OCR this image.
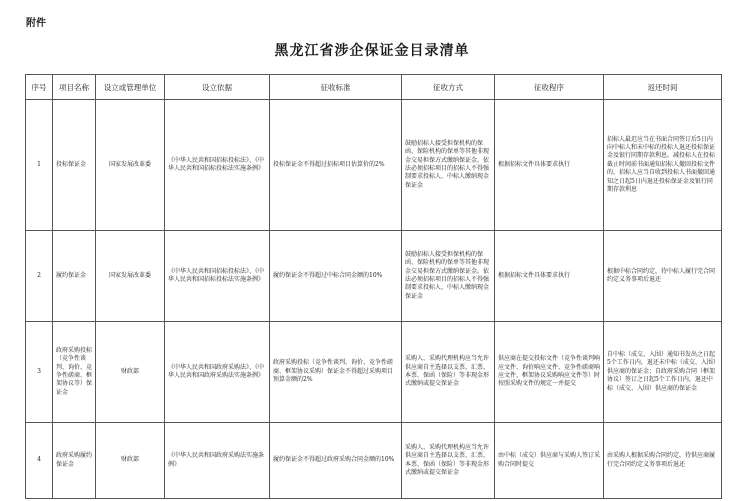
附件
黑龙江省涉企保证金目录清单
序号	项目名称	设立或管理单位	设立依据	征收标准	征收方式	征收程序	返还时间
1	投标保证金	国家发展改革委	《中华人民共和国招标投标法》、《中华人民共和国招标投标法实施条例》	投标保证金不得超过招标项目估算价的2%	鼓励招标人接受担保机构的保函、保险机构的保单等其他非现金交易担保方式缴纳保证金。依法必须招标项目的招标人不得强制要求投标人、中标人缴纳现金保证金	根据招标文件具体要求执行	招标人最迟应当在书面合同签订后5日内向中标人和未中标的投标人退还投标保证金及银行同期存款利息。减投标人在投标截止时间前书面通知招标人撤回投标文件的，招标人应当自收到投标人书面撤回通知之日起5日内退还投标保证金及银行同期存款利息
2	履约保证金	国家发展改革委	《中华人民共和国招标投标法》、《中华人民共和国招标投标法实施条例》	履约保证金不得超过中标合同金额的10%	鼓励招标人接受担保机构的保函、保险机构的保单等其他非现金交易担保方式缴纳保证金。依法必须招标项目的招标人不得强制要求投标人、中标人缴纳现金保证金	根据招标文件具体要求执行	根据中标合同约定，待中标人履行完合同约定义务事项后退还
3	政府采购投标（竞争性谈判、询价、竞争性磋商、框架协议等）保证金	财政部	《中华人民共和国政府采购法》、《中华人民共和国政府采购法实施条例》	政府采购投标（竞争性谈判、询价、竞争性磋商、框架协议采购）保证金不得超过采购项目预算金额的2%	采购人、采购代理机构应当允许供应商自主选择以支票、汇票、本票、保函（保险）等非现金形式缴纳或提交保证金	供应商在提交投标文件（竞争性谈判响应文件、询价响应文件、竞争性磋商响应文件、框架协议采购响应文件等）时按照采购文件的规定一并提交	自中标（成交、入围）通知书发出之日起5个工作日内，退还未中标（成交、入围）供应商的保证金；自政府采购合同（框架协议）签订之日起5个工作日内，退还中标（成交、入围）供应商的保证金
4	政府采购履约保证金	财政部	《中华人民共和国政府采购法实施条例》	履约保证金不得超过政府采购合同金额的10%	采购人、采购代理机构应当允许供应商自主选择以支票、汇票、本票、保函（保险）等非现金形式缴纳或提交保证金	由中标（成交）供应商与采购人签订采购合同时提交	由采购人根据采购合同约定，待供应商履行完合同约定义务事项后退还
